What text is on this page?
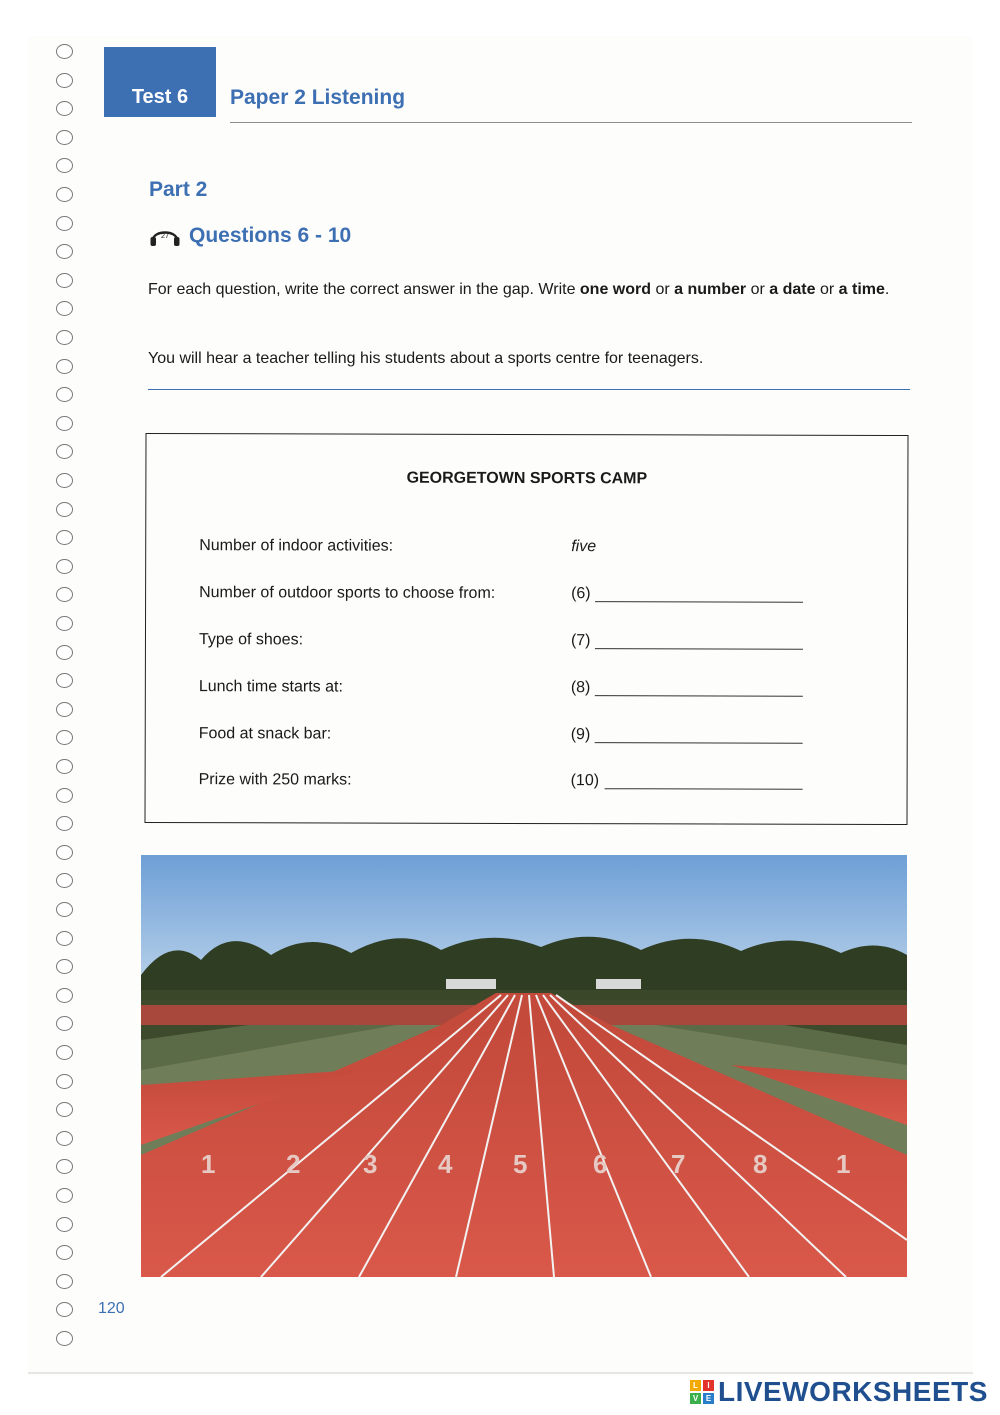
Test 6 Paper 2 Listening
Part 2
27 Questions 6 - 10
For each question, write the correct answer in the gap. Write one word or a number or a date or a time.
You will hear a teacher telling his students about a sports centre for teenagers.
GEORGETOWN SPORTS CAMP
Number of indoor activities:	five
Number of outdoor sports to choose from:	(6)
Type of shoes:	(7)
Lunch time starts at:	(8)
Food at snack bar:	(9)
Prize with 250 marks:	(10)
1	2 3 4 5	6 7	8	1
120
L	I
V E LIVEWORKSHEETS
